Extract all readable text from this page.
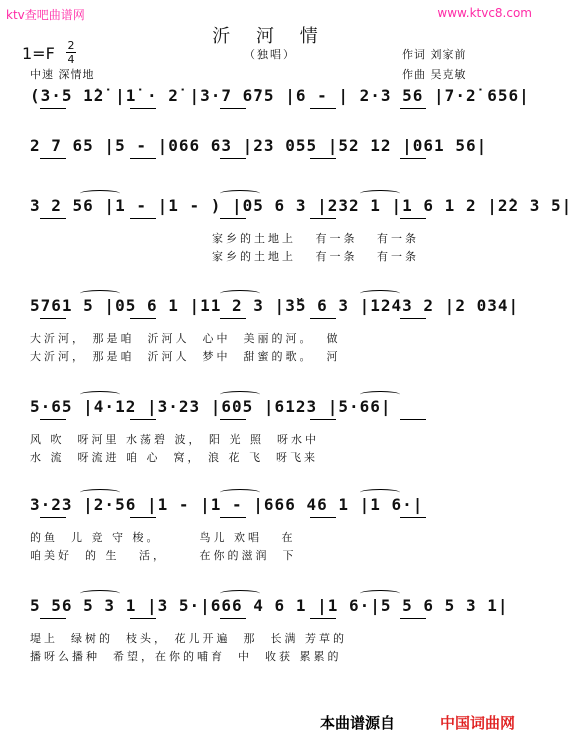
ktv查吧曲谱网	www.ktvc8.com
沂 河 情
（独唱）
1=F 2
4
中速 深情地
作词 刘家前
作曲 吴克敏
(3·5 1̇2̇ |1̇ · 2̇ |3·7 6̄75 |6 - | 2·3 56 |7·2̇ 656|
2 7 65 |5 - |066 63 |23 055 |52 12 |061 56|
3 2 56 |1 - |1 - ) |05 6 3 |232 1 |1 6 1 2 |2̇2 3 5|
家乡的土地上   有一条   有一条
家乡的土地上   有一条   有一条
5761 5 |05 6 1 |11 2 3 |3̌5 6 3 |1243 2 |2 034|
大沂河， 那是咱  沂河人  心中  美丽的河。  做
大沂河， 那是咱  沂河人  梦中  甜蜜的歌。  河
5·65 |4·12 |3·23 |605 |6123 |5·66|
风 吹  呀河里 水荡碧 波， 阳 光 照  呀水中
水 流  呀流进 咱 心  窝， 浪 花 飞  呀飞来
3·23 |2·56 |1 - |1 - |666 46 1 |1 6·|
的鱼  儿 竞 守 梭。      鸟儿 欢唱   在
咱美好  的 生   活，     在你的滋润  下
5 56 5 3 1 |3 5·|666 4 6 1 |1 6·|5 5 6 5 3 1|
堤上  绿树的  枝头， 花儿开遍  那  长满 芳草的
播呀么播种  希望，在你的哺育  中  收获 累累的
本曲谱源自	中国词曲网
